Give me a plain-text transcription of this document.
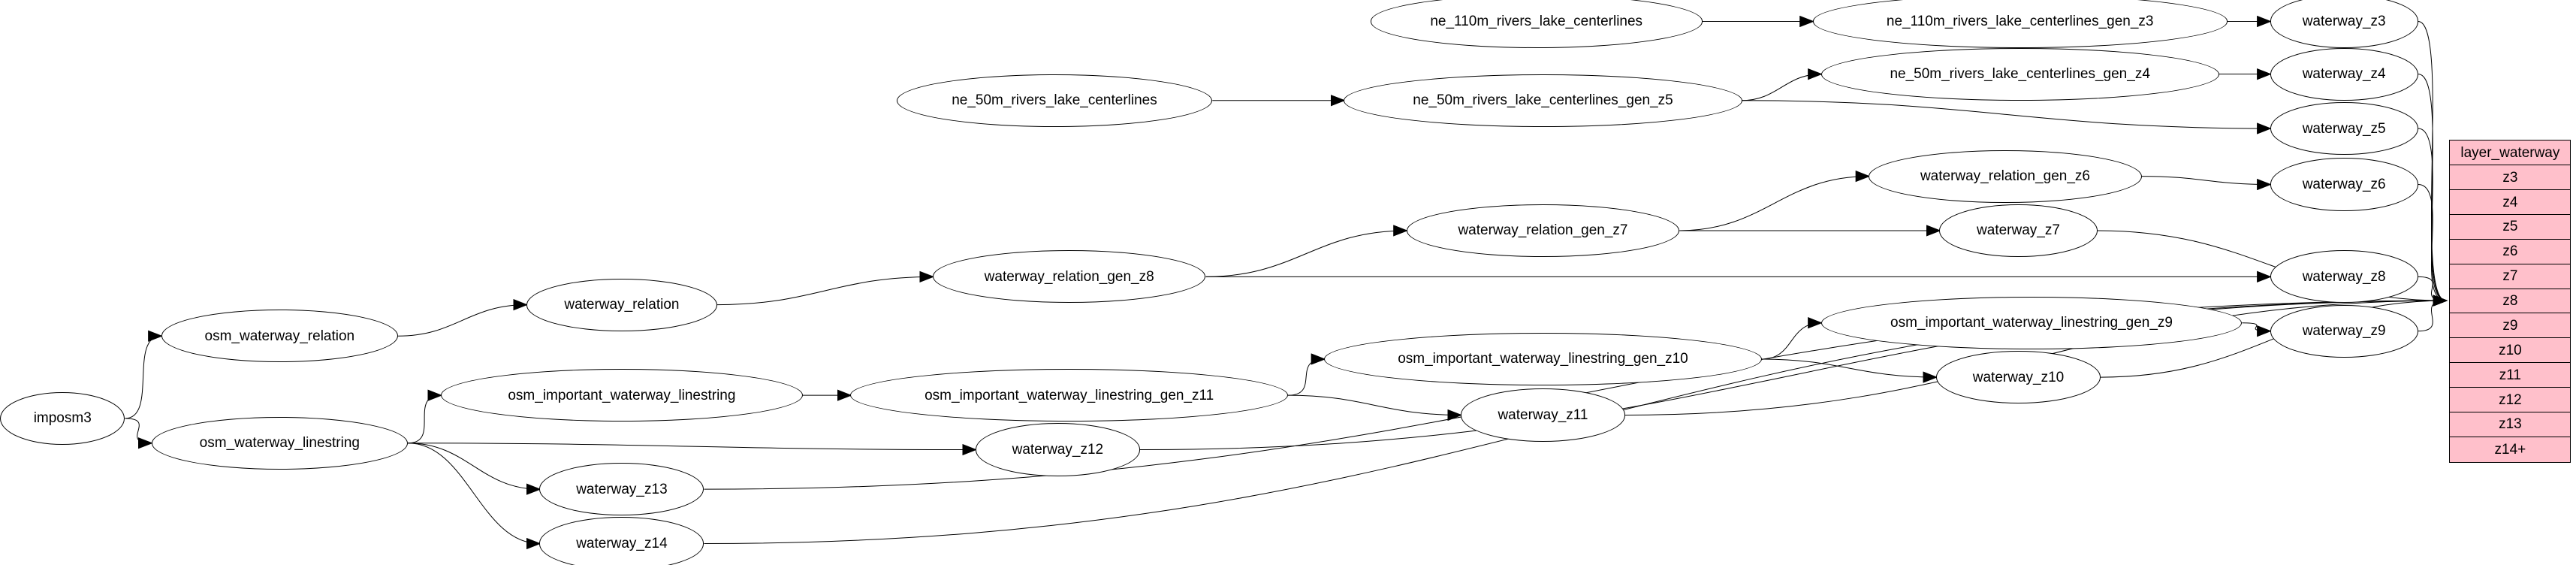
imposm3
osm_waterway_relation
osm_waterway_linestring
waterway_relation
osm_important_waterway_linestring
waterway_z13
waterway_z14
waterway_relation_gen_z8
ne_50m_rivers_lake_centerlines
osm_important_waterway_linestring_gen_z11
waterway_z12
ne_110m_rivers_lake_centerlines
ne_50m_rivers_lake_centerlines_gen_z5
waterway_relation_gen_z7
osm_important_waterway_linestring_gen_z10
waterway_z11
waterway_relation_gen_z6
waterway_z7
osm_important_waterway_linestring_gen_z9
waterway_z10
ne_110m_rivers_lake_centerlines_gen_z3
ne_50m_rivers_lake_centerlines_gen_z4
waterway_z3
waterway_z4
waterway_z5
waterway_z6
waterway_z8
waterway_z9
layer_waterway
z3
z4
z5
z6
z7
z8
z9
z10
z11
z12
z13
z14+
